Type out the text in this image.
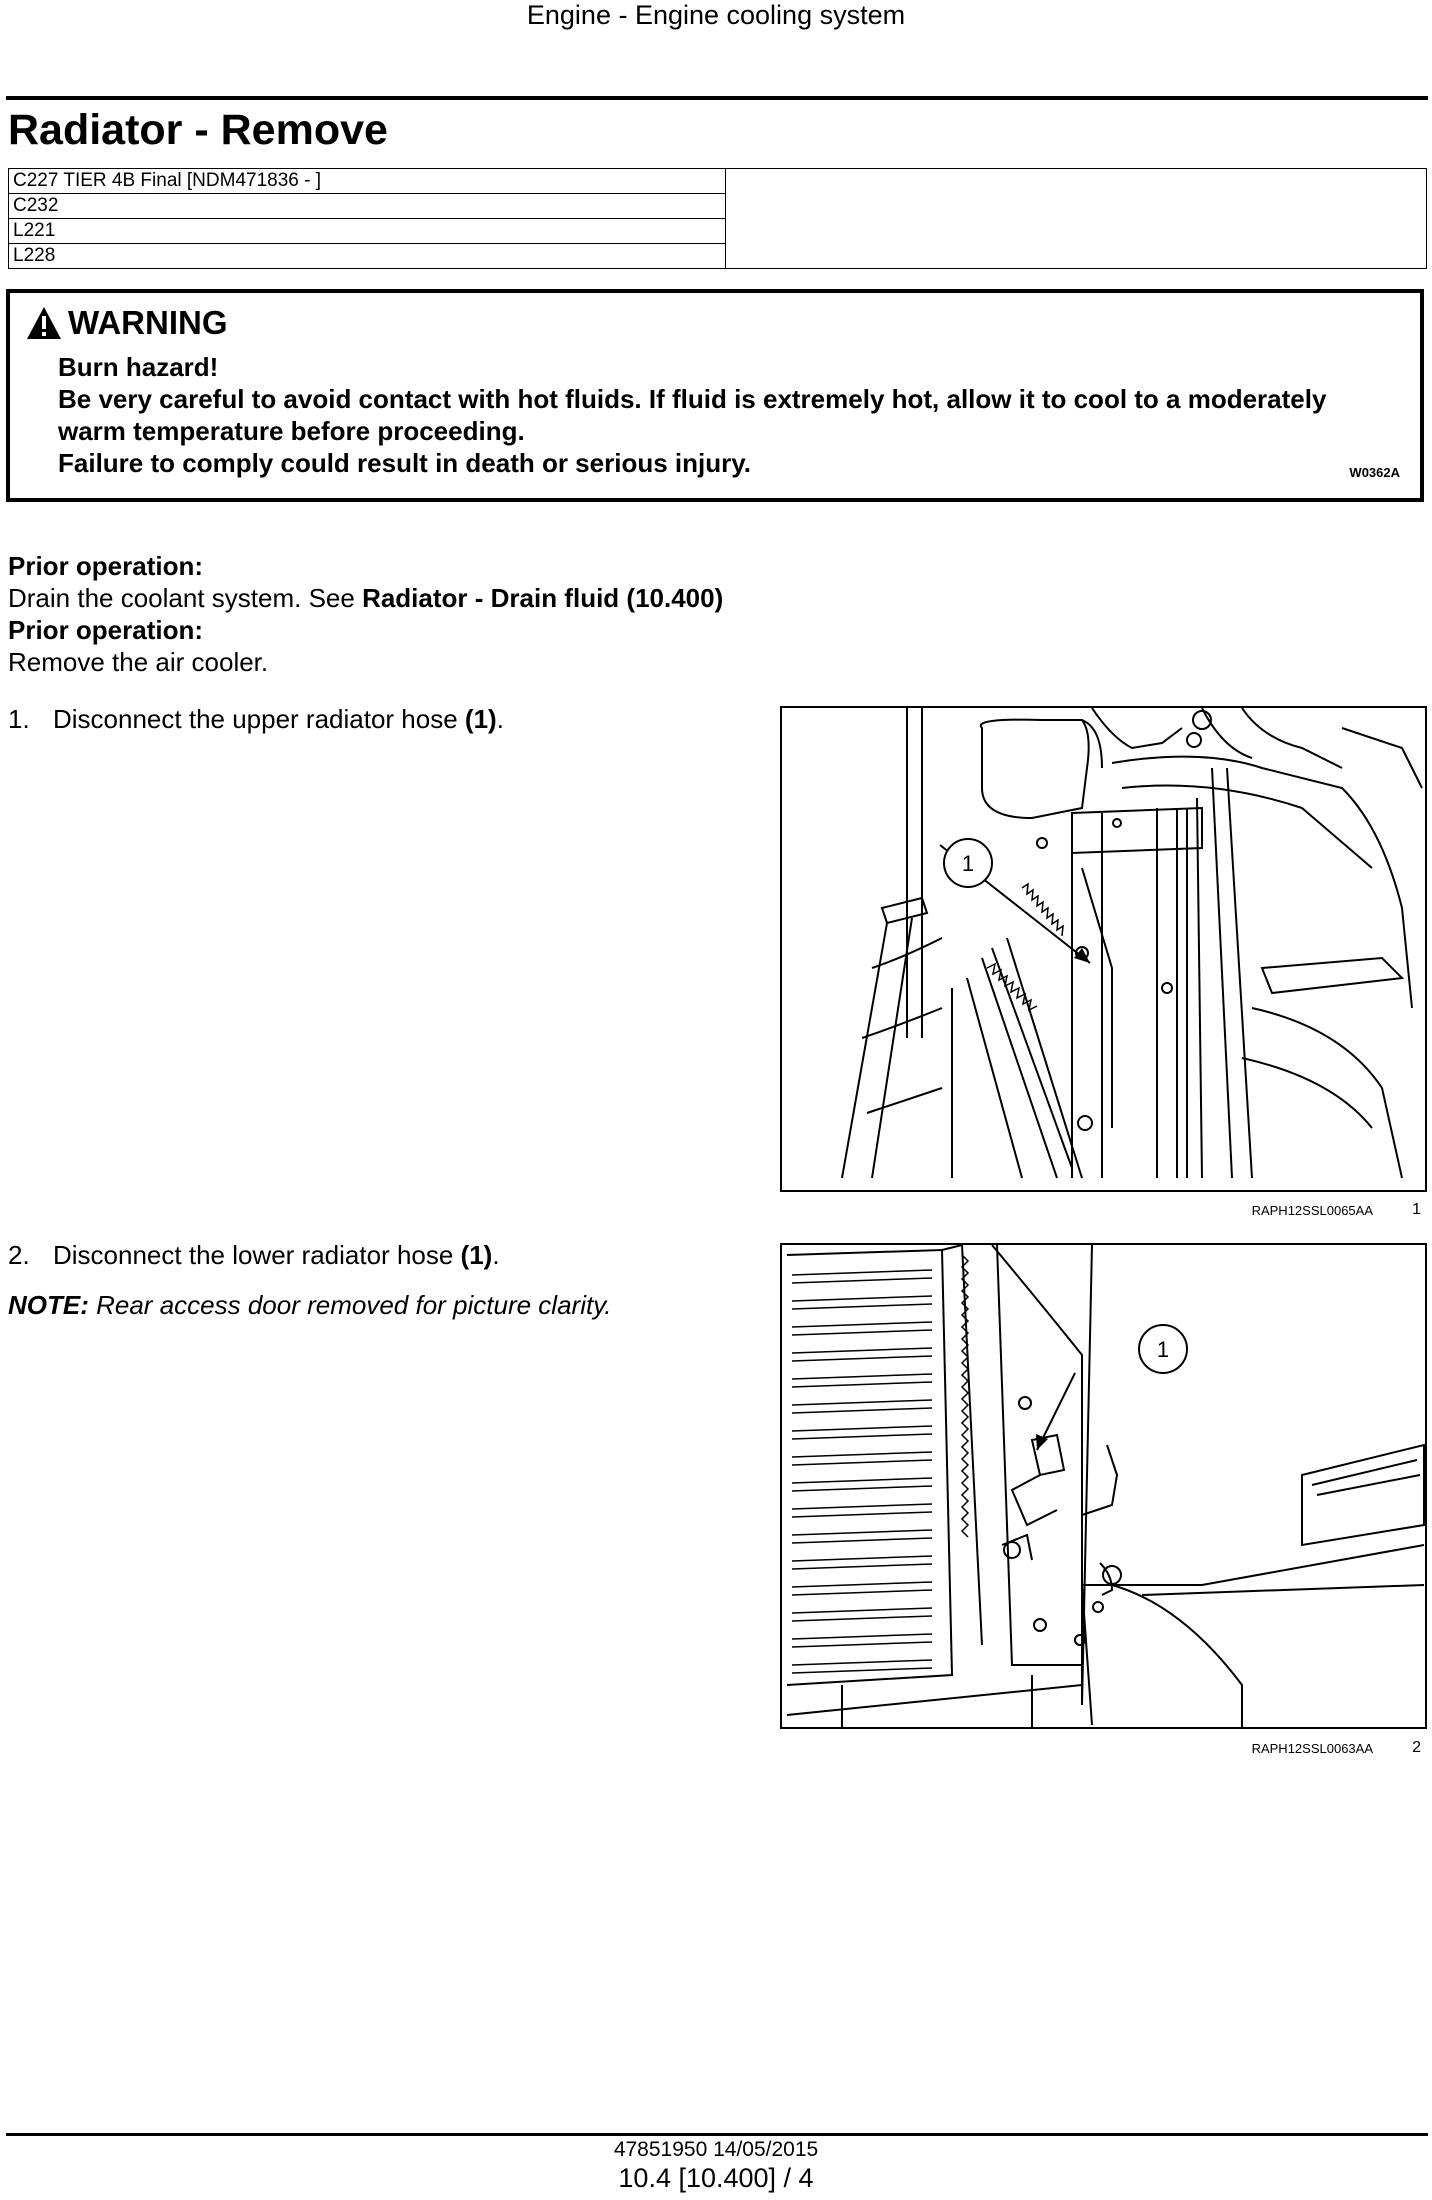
Engine - Engine cooling system
Radiator - Remove
C227 TIER 4B Final [NDM471836 - ]	
C232	
L221	
L228	
WARNING
Burn hazard!
Be very careful to avoid contact with hot fluids. If fluid is extremely hot, allow it to cool to a moderately warm temperature before proceeding.
Failure to comply could result in death or serious injury.	W0362A
Prior operation:
Drain the coolant system. See Radiator - Drain fluid (10.400)
Prior operation:
Remove the air cooler.
1. Disconnect the upper radiator hose (1).
1
RAPH12SSL0065AA 1
2. Disconnect the lower radiator hose (1).
NOTE: Rear access door removed for picture clarity.
1
RAPH12SSL0063AA 2
47851950 14/05/2015
10.4 [10.400] / 4
